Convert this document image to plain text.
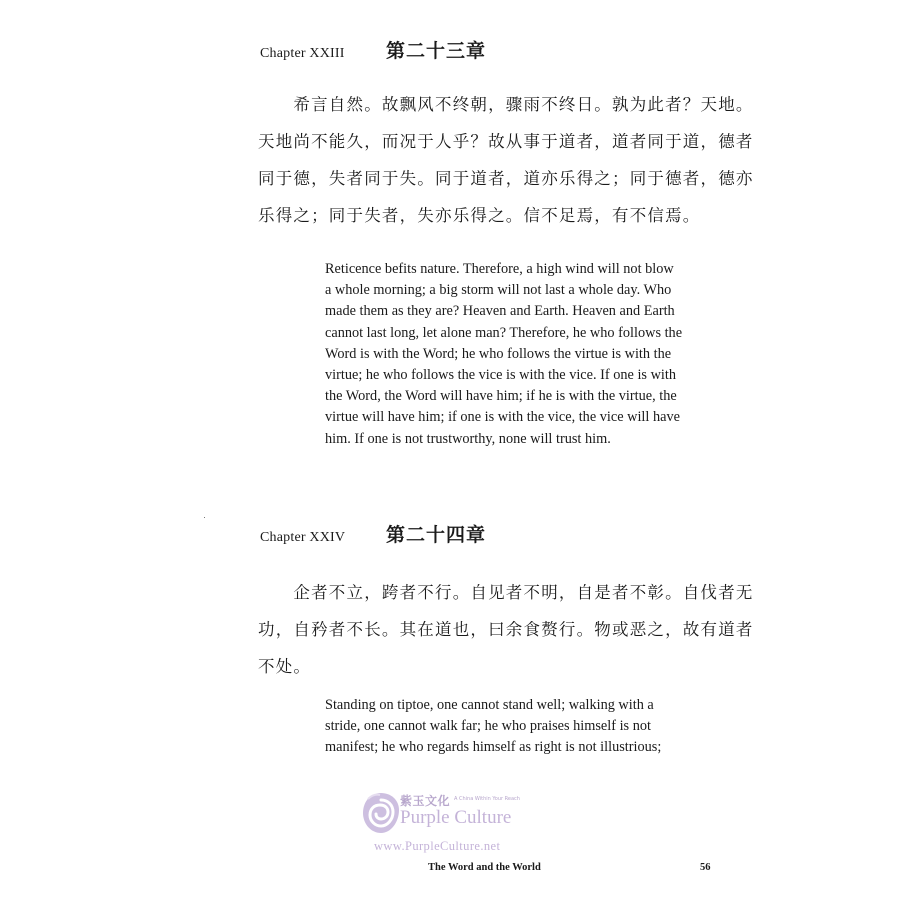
Chapter XXIII	第二十三章
　　希言自然。故飘风不终朝，骤雨不终日。孰为此者？天地。
天地尚不能久，而况于人乎？故从事于道者，道者同于道，德者
同于德，失者同于失。同于道者，道亦乐得之；同于德者，德亦
乐得之；同于失者，失亦乐得之。信不足焉，有不信焉。
Reticence befits nature. Therefore, a high wind will not blow
a whole morning; a big storm will not last a whole day. Who
made them as they are? Heaven and Earth. Heaven and Earth
cannot last long, let alone man? Therefore, he who follows the
Word is with the Word; he who follows the virtue is with the
virtue; he who follows the vice is with the vice. If one is with
the Word, the Word will have him; if he is with the virtue, the
virtue will have him; if one is with the vice, the vice will have
him. If one is not trustworthy, none will trust him.
Chapter XXIV	第二十四章
　　企者不立，跨者不行。自见者不明，自是者不彰。自伐者无
功，自矜者不长。其在道也，曰余食赘行。物或恶之，故有道者
不处。
Standing on tiptoe, one cannot stand well; walking with a
stride, one cannot walk far; he who praises himself is not
manifest; he who regards himself as right is not illustrious;
紫玉文化 A China Within Your Reach
Purple Culture
www.PurpleCulture.net
The Word and the World	56
